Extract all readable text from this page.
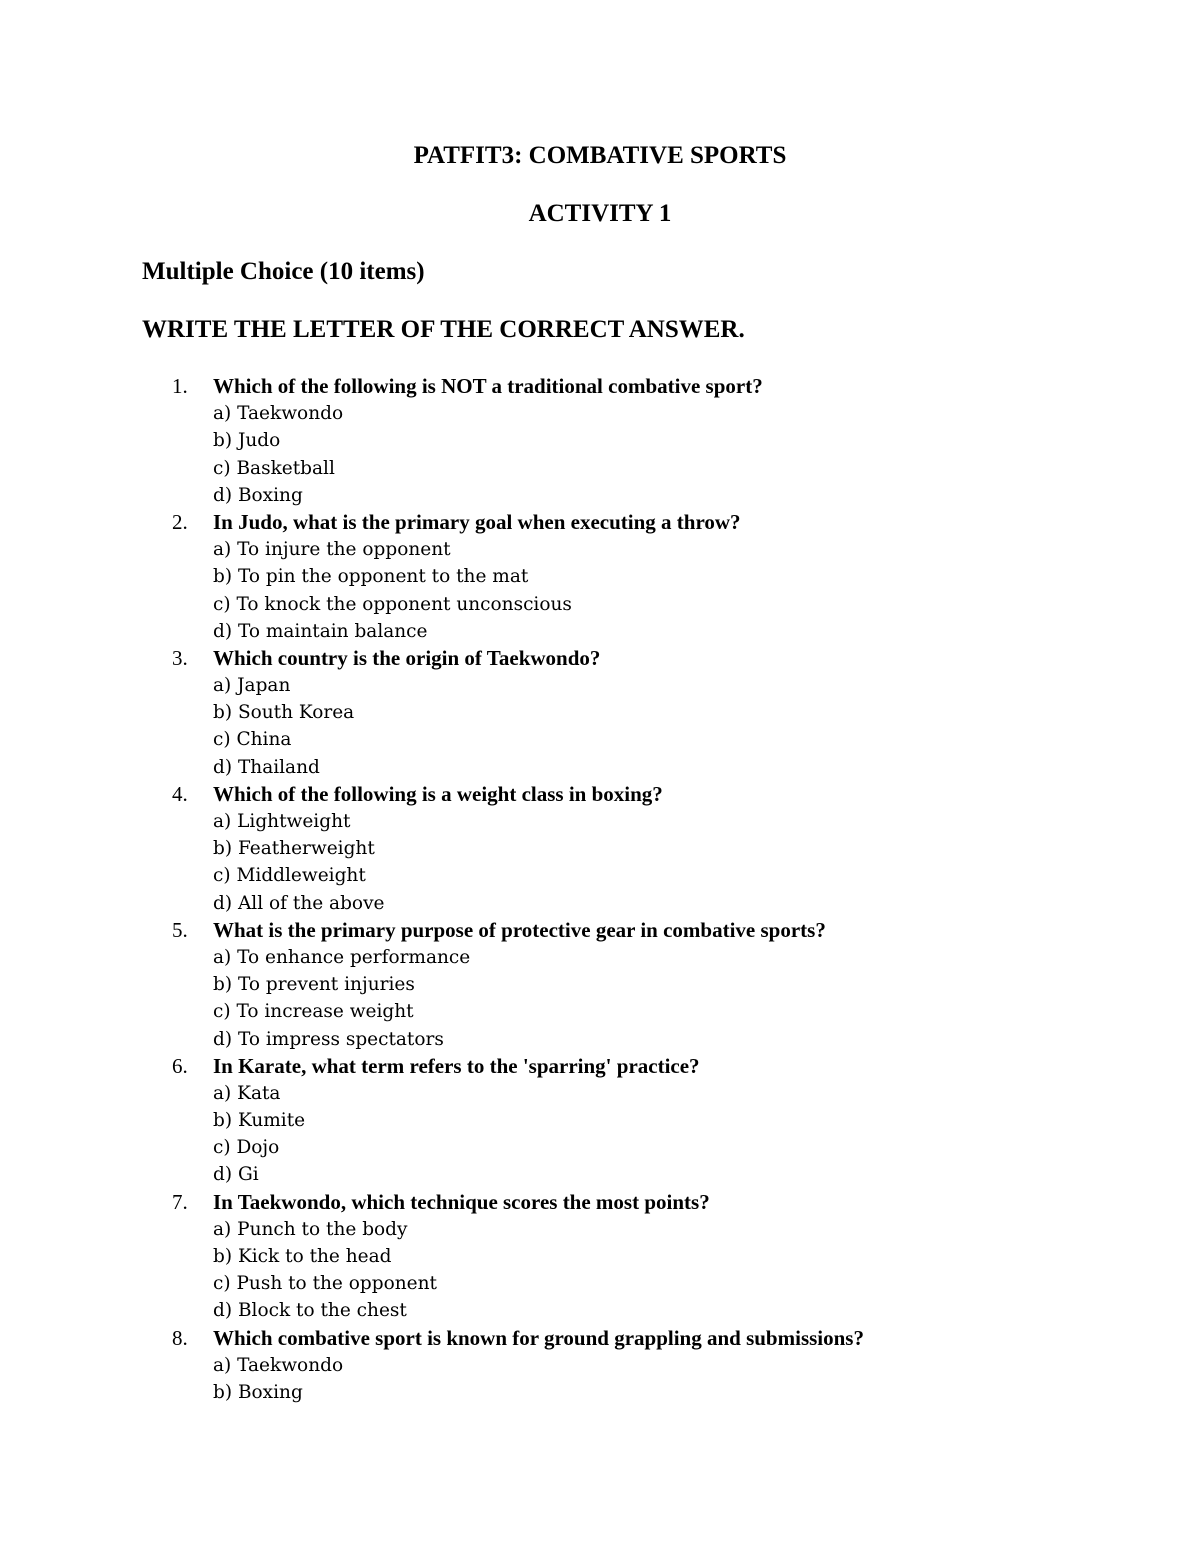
PATFIT3: COMBATIVE SPORTS
ACTIVITY 1
Multiple Choice (10 items)
WRITE THE LETTER OF THE CORRECT ANSWER.
1.	Which of the following is NOT a traditional combative sport?
a) Taekwondo
b) Judo
c) Basketball
d) Boxing
2.	In Judo, what is the primary goal when executing a throw?
a) To injure the opponent
b) To pin the opponent to the mat
c) To knock the opponent unconscious
d) To maintain balance
3.	Which country is the origin of Taekwondo?
a) Japan
b) South Korea
c) China
d) Thailand
4.	Which of the following is a weight class in boxing?
a) Lightweight
b) Featherweight
c) Middleweight
d) All of the above
5.	What is the primary purpose of protective gear in combative sports?
a) To enhance performance
b) To prevent injuries
c) To increase weight
d) To impress spectators
6.	In Karate, what term refers to the 'sparring' practice?
a) Kata
b) Kumite
c) Dojo
d) Gi
7.	In Taekwondo, which technique scores the most points?
a) Punch to the body
b) Kick to the head
c) Push to the opponent
d) Block to the chest
8.	Which combative sport is known for ground grappling and submissions?
a) Taekwondo
b) Boxing
